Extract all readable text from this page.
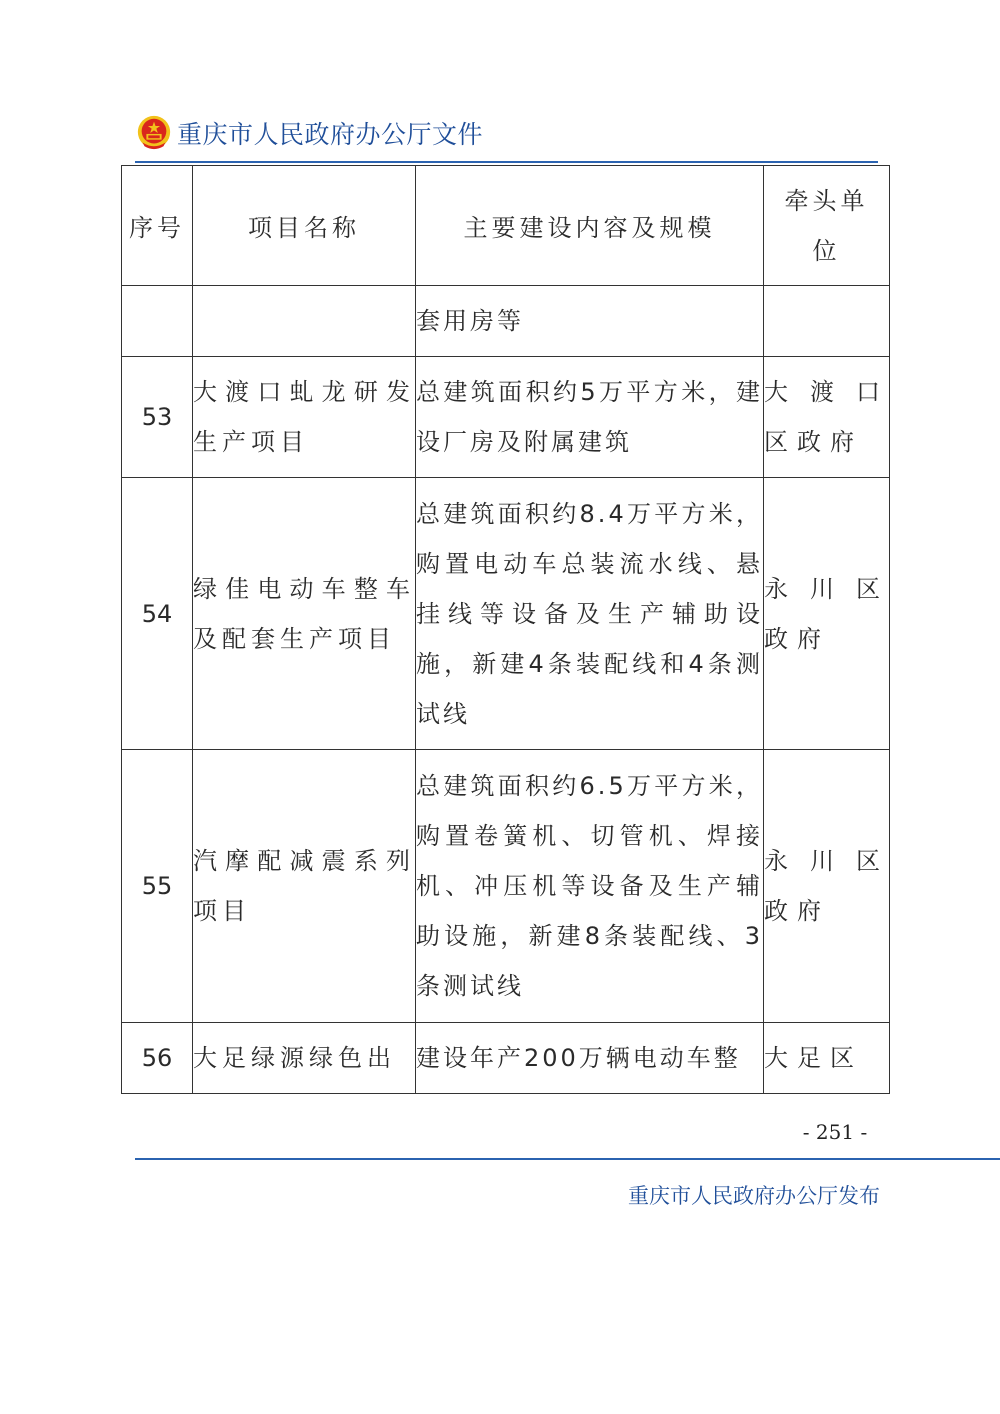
重庆市人民政府办公厅文件
序号	项目名称	主要建设内容及规模	牵头单位

		套用房等	
53	大渡口虬龙研发生产项目	总建筑面积约5万平方米，建设厂房及附属建筑	大渡口区政府
54	绿佳电动车整车及配套生产项目	总建筑面积约8.4万平方米，购置电动车总装流水线、悬挂线等设备及生产辅助设施，新建4条装配线和4条测试线	永川区政府
55	汽摩配减震系列项目	总建筑面积约6.5万平方米，购置卷簧机、切管机、焊接机、冲压机等设备及生产辅助设施，新建8条装配线、3条测试线	永川区政府
56	大足绿源绿色出	建设年产200万辆电动车整	大足区
- 251 -
重庆市人民政府办公厅发布
